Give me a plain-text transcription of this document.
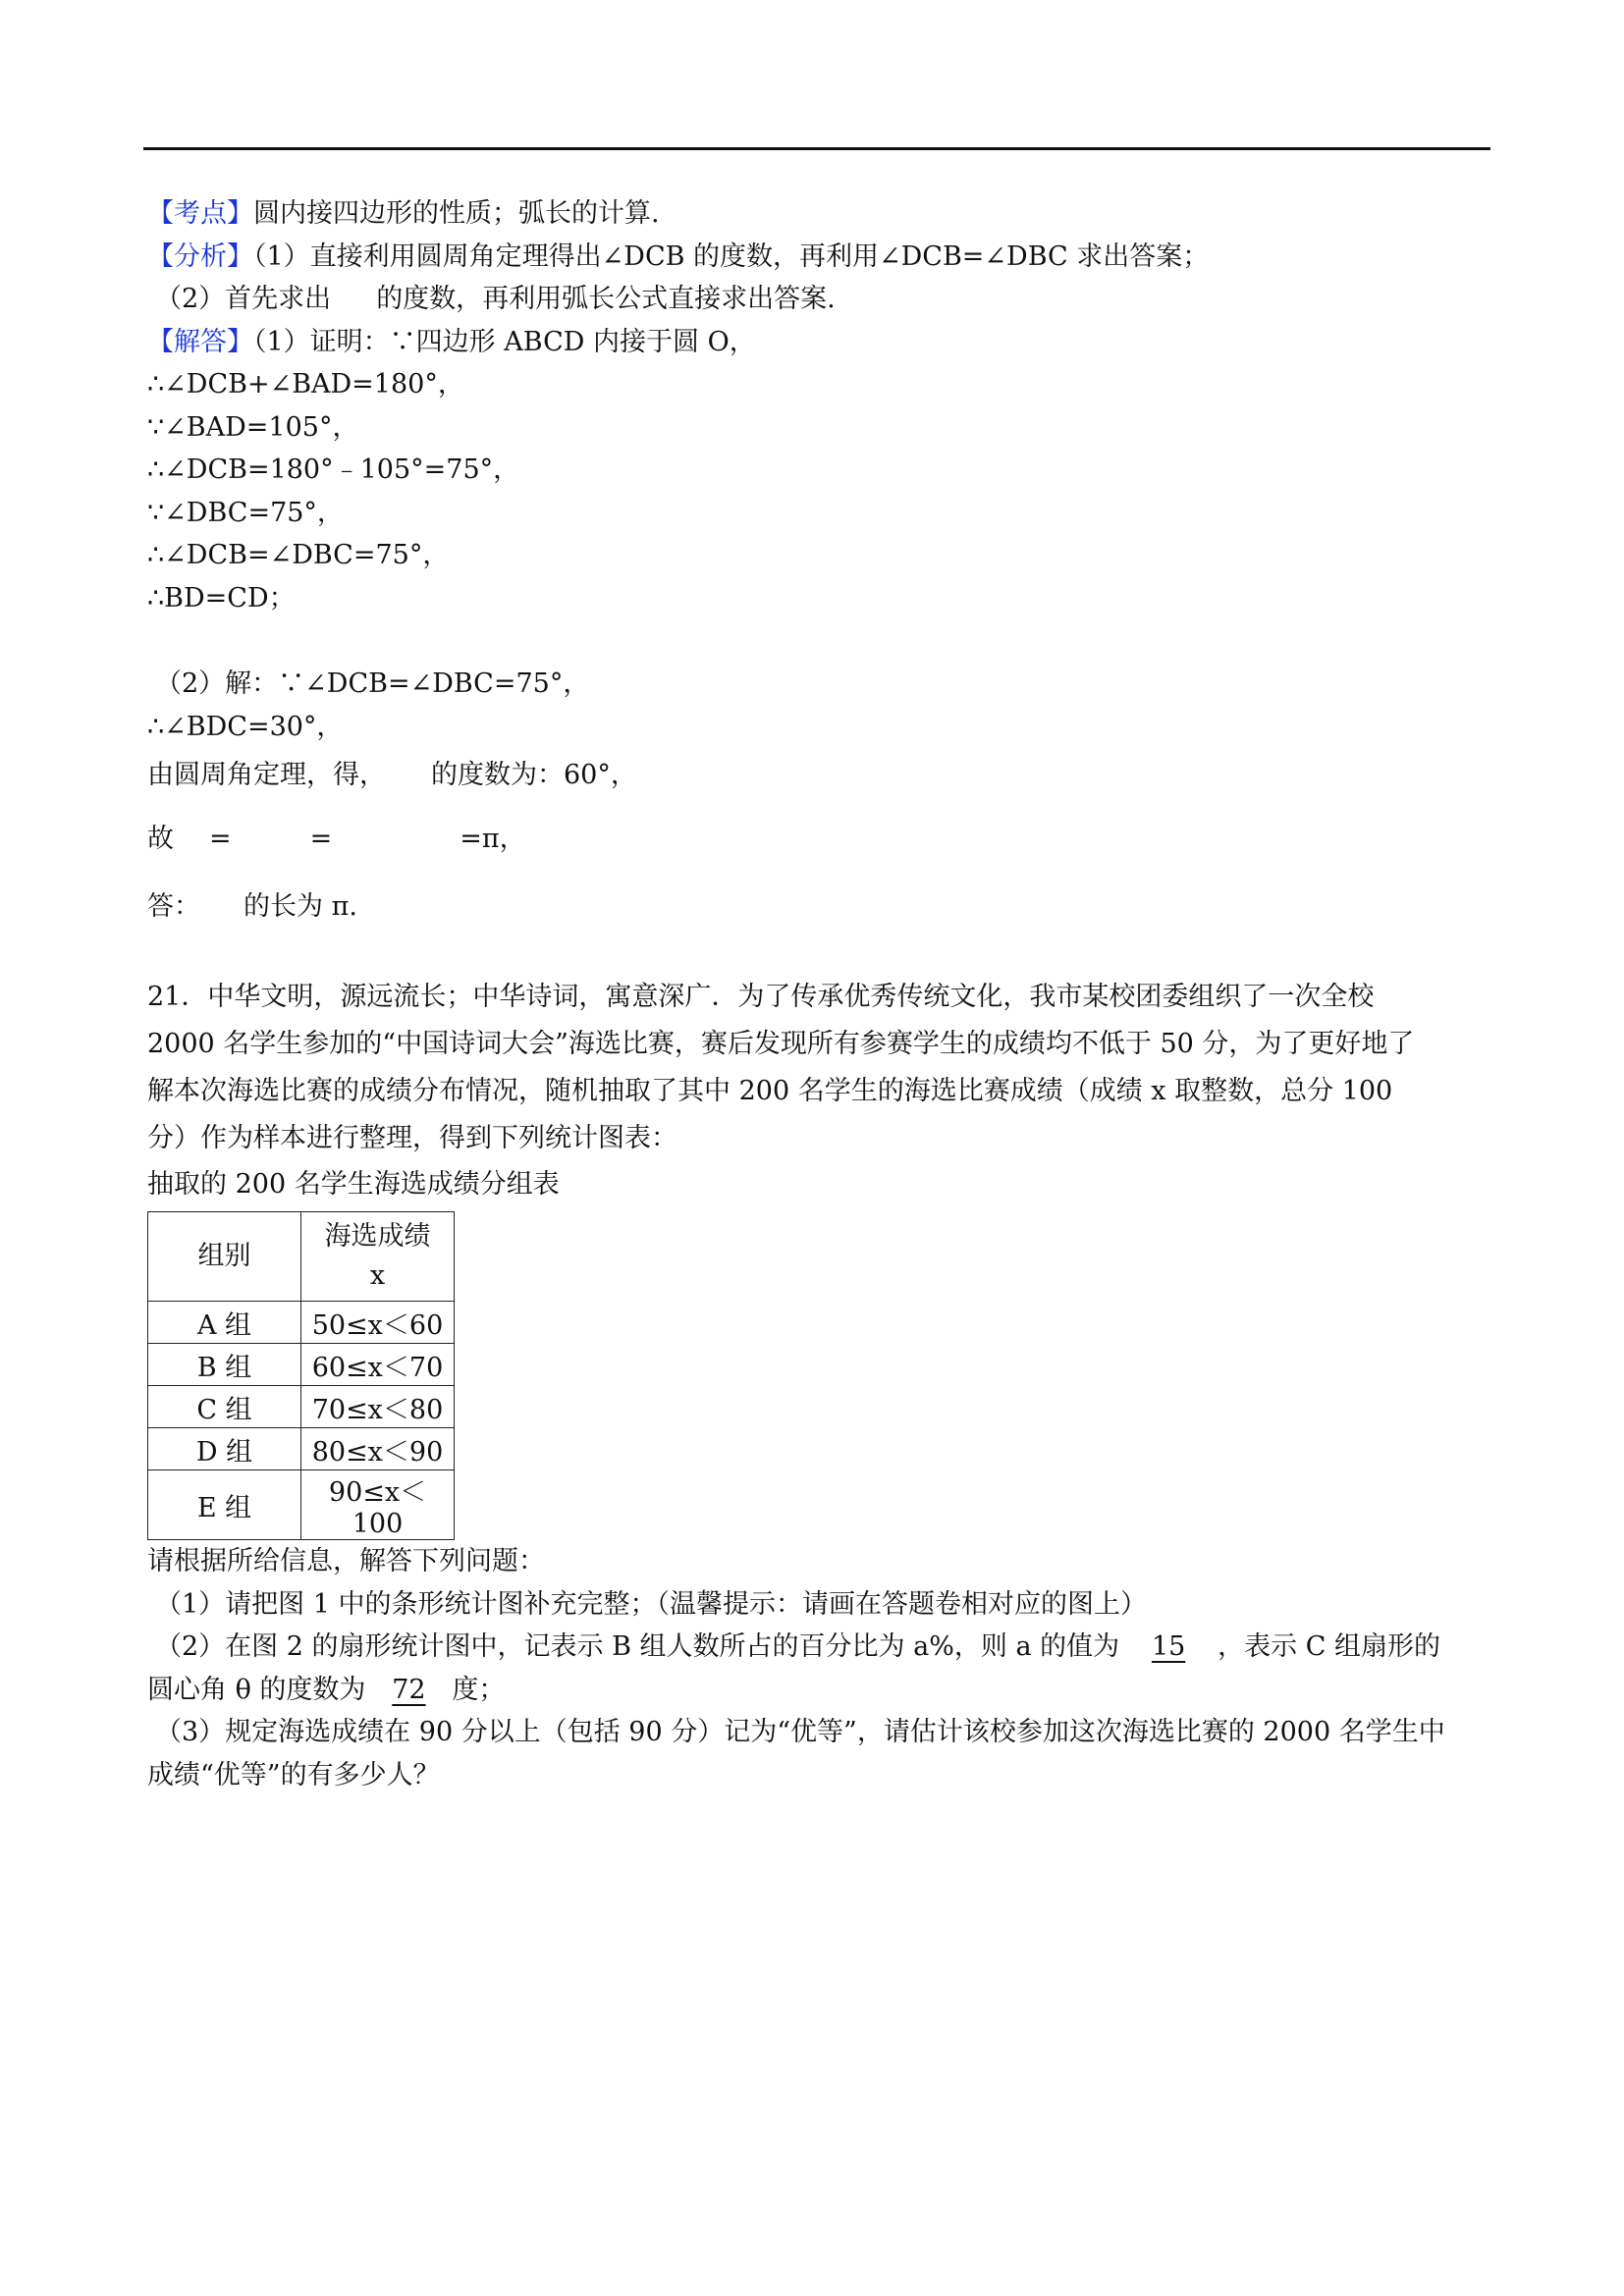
【考点】圆内接四边形的性质；弧长的计算.
【分析】（1）直接利用圆周角定理得出∠DCB 的度数，再利用∠DCB=∠DBC 求出答案；
（2）首先求出 的度数，再利用弧长公式直接求出答案.
【解答】（1）证明：∵四边形 ABCD 内接于圆 O，
∴∠DCB+∠BAD=180°，
∵∠BAD=105°，
∴∠DCB=180°﹣105°=75°，
∵∠DBC=75°，
∴∠DCB=∠DBC=75°，
∴BD=CD；
（2）解：∵∠DCB=∠DBC=75°，
∴∠BDC=30°，
由圆周角定理，得， 的度数为：60°，
故 =	=	=π，
答： 的长为 π.
21．中华文明，源远流长；中华诗词，寓意深广．为了传承优秀传统文化，我市某校团委组织了一次全校
2000 名学生参加的“中国诗词大会”海选比赛，赛后发现所有参赛学生的成绩均不低于 50 分，为了更好地了
解本次海选比赛的成绩分布情况，随机抽取了其中 200 名学生的海选比赛成绩（成绩 x 取整数，总分 100
分）作为样本进行整理，得到下列统计图表：
抽取的 200 名学生海选成绩分组表
组别	海选成绩
x

A 组	50≤x＜60
B 组	60≤x＜70
C 组	70≤x＜80
D 组	80≤x＜90
E 组	90≤x＜100
请根据所给信息，解答下列问题：
（1）请把图 1 中的条形统计图补充完整；（温馨提示：请画在答题卷相对应的图上）
（2）在图 2 的扇形统计图中，记表示 B 组人数所占的百分比为 a%，则 a 的值为 15 ，表示 C 组扇形的
圆心角 θ 的度数为 72 度；
（3）规定海选成绩在 90 分以上（包括 90 分）记为“优等”，请估计该校参加这次海选比赛的 2000 名学生中
成绩“优等”的有多少人？
